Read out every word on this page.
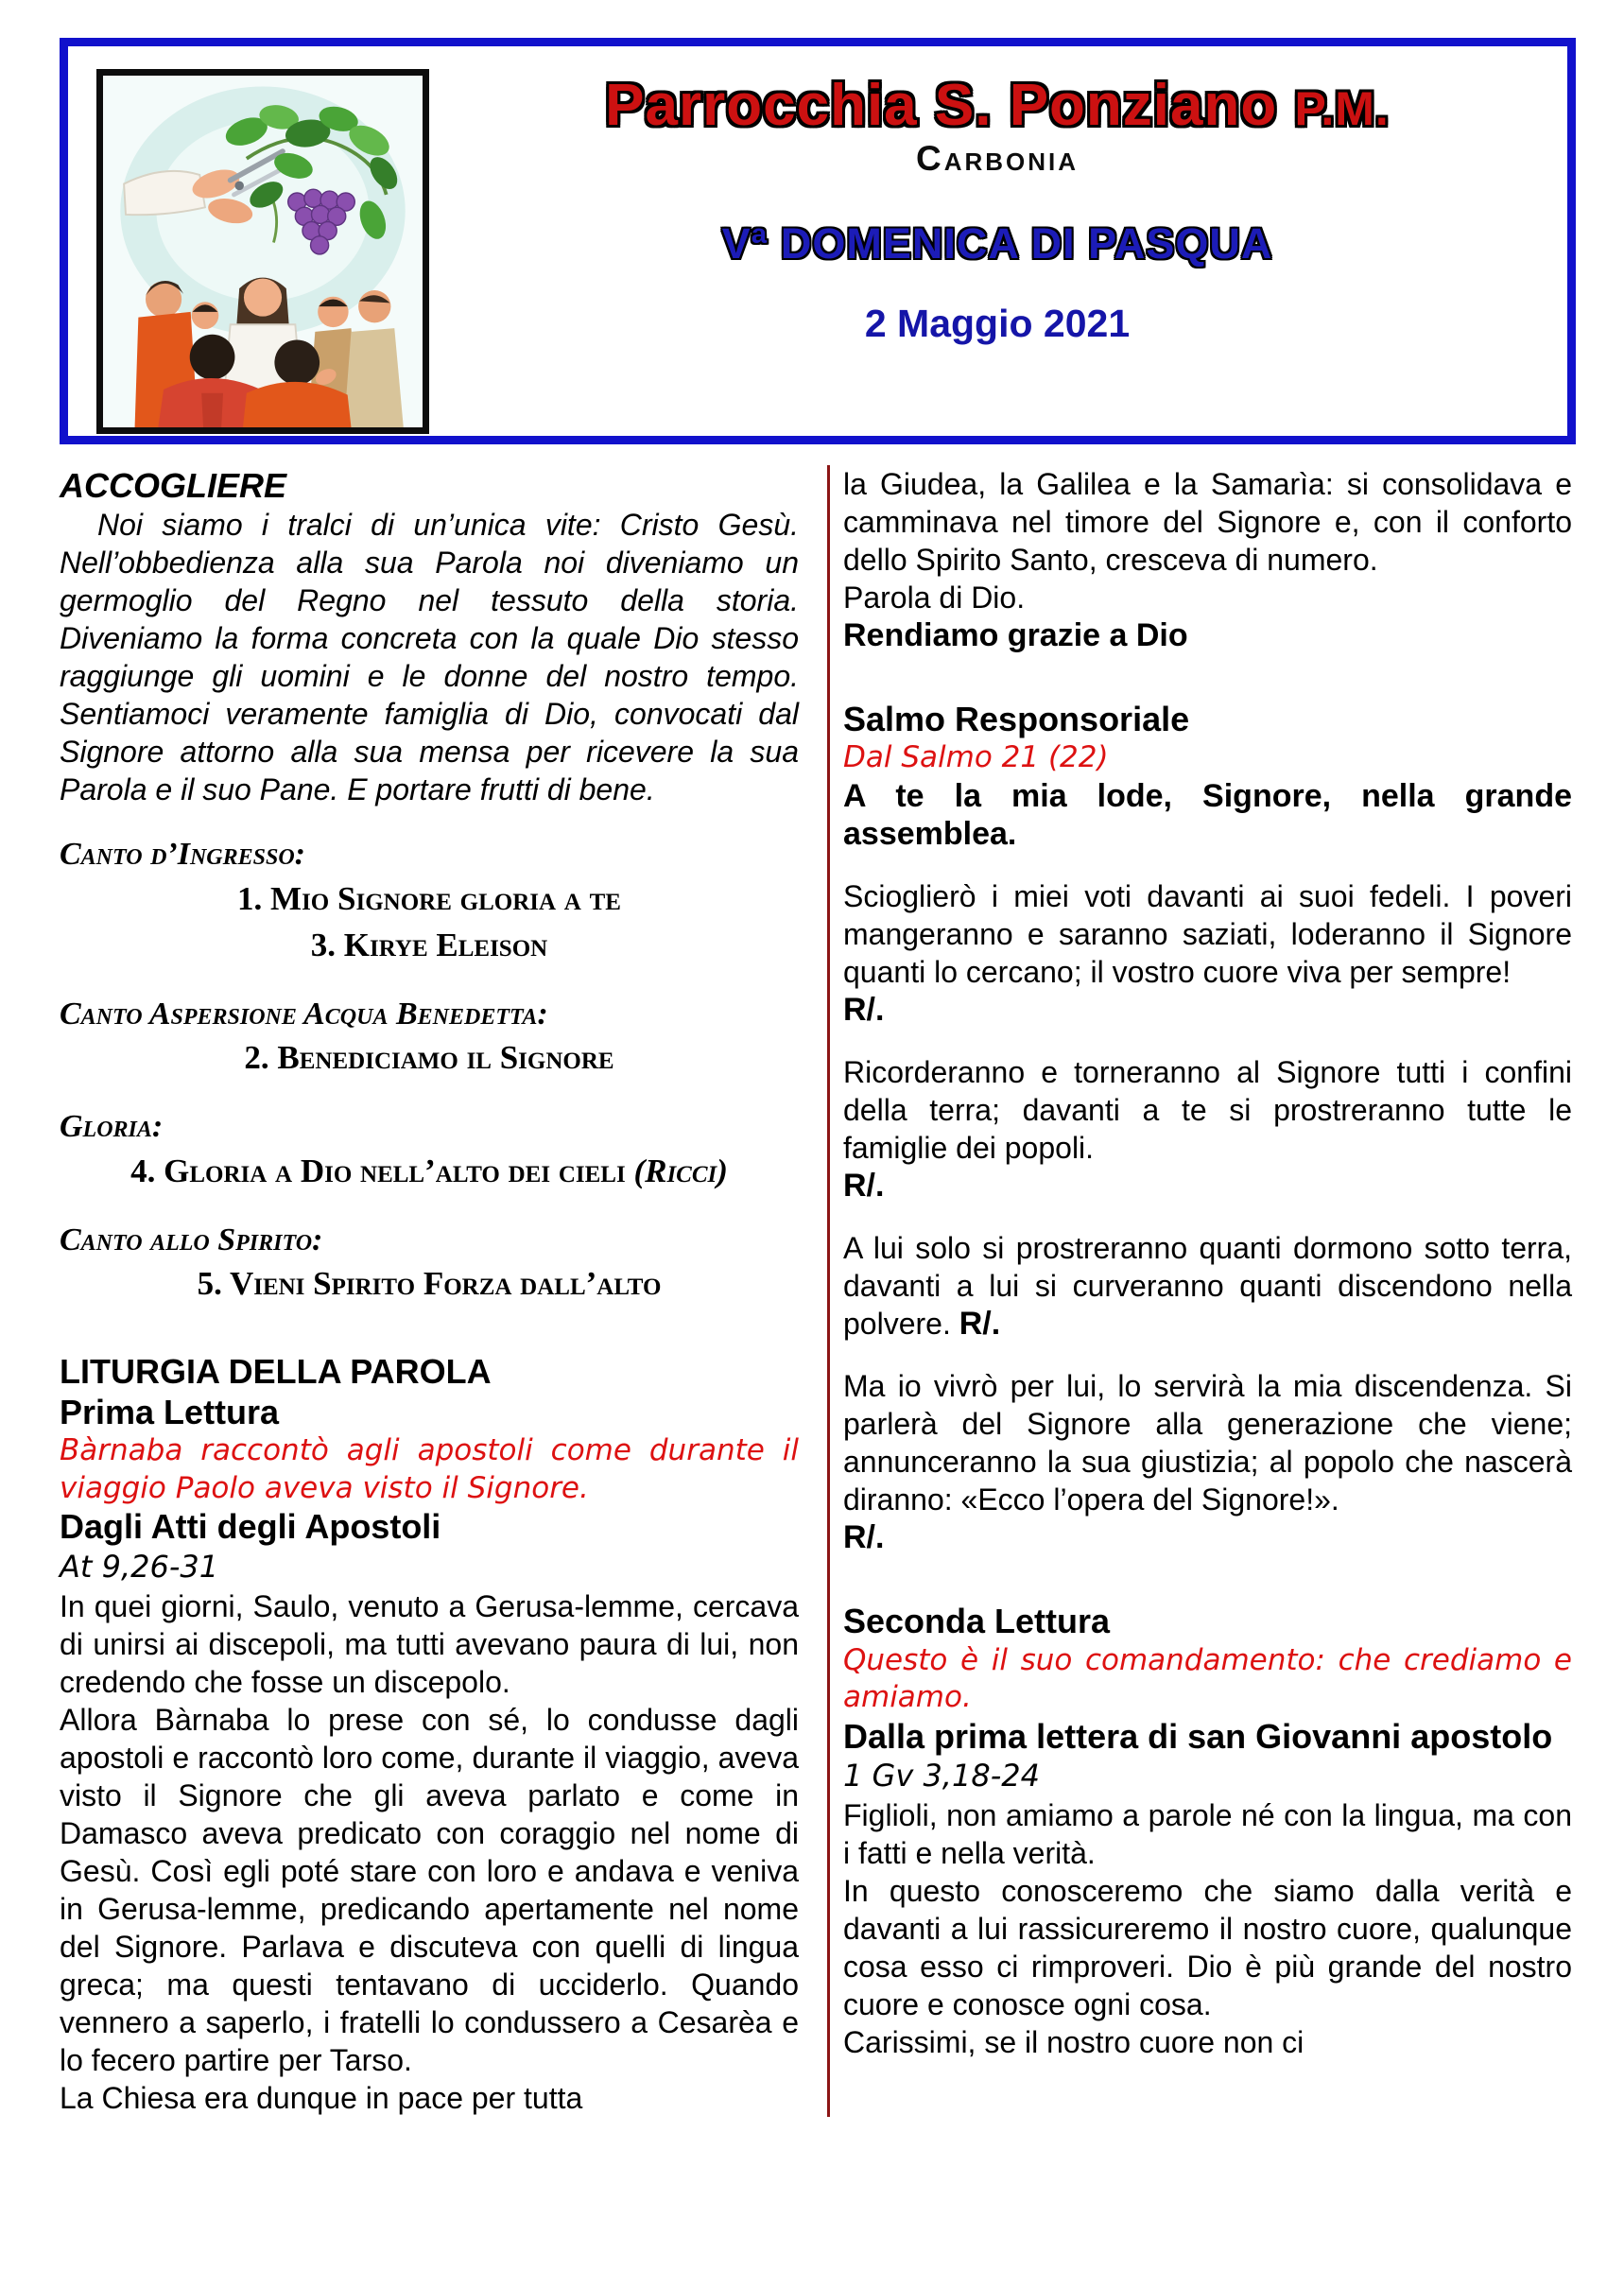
Parrocchia S. Ponziano P.M.
Carbonia
Vª DOMENICA DI PASQUA
2 Maggio 2021
ACCOGLIERE

Noi siamo i tralci di un’unica vite: Cristo Gesù. Nell’obbedienza alla sua Parola noi diveniamo un germoglio del Regno nel tessuto della storia. Diveniamo la forma concreta con la quale Dio stesso raggiunge gli uomini e le donne del nostro tempo. Sentiamoci veramente famiglia di Dio, convocati dal Signore attorno alla sua mensa per ricevere la sua Parola e il suo Pane. E portare frutti di bene.

Canto d’Ingresso:
1. Mio Signore gloria a te
3. Kirye Eleison
Canto Aspersione Acqua Benedetta:
2. Benediciamo il Signore
Gloria:
4. Gloria a Dio nell’alto dei cieli (Ricci)
Canto allo Spirito:
5. Vieni Spirito Forza dall’alto
LITURGIA DELLA PAROLA
Prima Lettura

Bàrnaba raccontò agli apostoli come durante il viaggio Paolo aveva visto il Signore.

Dagli Atti degli Apostoli
At 9,26-31

In quei giorni, Saulo, venuto a Gerusa-lemme, cercava di unirsi ai discepoli, ma tutti avevano paura di lui, non credendo che fosse un discepolo.

Allora Bàrnaba lo prese con sé, lo condusse dagli apostoli e raccontò loro come, durante il viaggio, aveva visto il Signore che gli aveva parlato e come in Damasco aveva predicato con coraggio nel nome di Gesù. Così egli poté stare con loro e andava e veniva in Gerusa-lemme, predicando apertamente nel nome del Signore. Parlava e discuteva con quelli di lingua greca; ma questi tentavano di ucciderlo. Quando vennero a saperlo, i fratelli lo condussero a Cesarèa e lo fecero partire per Tarso.

La Chiesa era dunque in pace per tutta

la Giudea, la Galilea e la Samarìa: si consolidava e camminava nel timore del Signore e, con il conforto dello Spirito Santo, cresceva di numero.

Parola di Dio.
Rendiamo grazie a Dio
Salmo Responsoriale
Dal Salmo 21 (22)

A te la mia lode, Signore, nella grande assemblea.

Scioglierò i miei voti davanti ai suoi fedeli. I poveri mangeranno e saranno saziati, loderanno il Signore quanti lo cercano; il vostro cuore viva per sempre!

R/.

Ricorderanno e torneranno al Signore tutti i confini della terra; davanti a te si prostreranno tutte le famiglie dei popoli.

R/.

A lui solo si prostreranno quanti dormono sotto terra, davanti a lui si curveranno quanti discendono nella polvere. R/.

Ma io vivrò per lui, lo servirà la mia discendenza. Si parlerà del Signore alla generazione che viene; annunceranno la sua giustizia; al popolo che nascerà diranno: «Ecco l’opera del Signore!».

R/.
Seconda Lettura

Questo è il suo comandamento: che crediamo e amiamo.

Dalla prima lettera di san Giovanni apostolo
1 Gv 3,18-24

Figlioli, non amiamo a parole né con la lingua, ma con i fatti e nella verità.

In questo conosceremo che siamo dalla verità e davanti a lui rassicureremo il nostro cuore, qualunque cosa esso ci rimproveri. Dio è più grande del nostro cuore e conosce ogni cosa.

Carissimi, se il nostro cuore non ci
